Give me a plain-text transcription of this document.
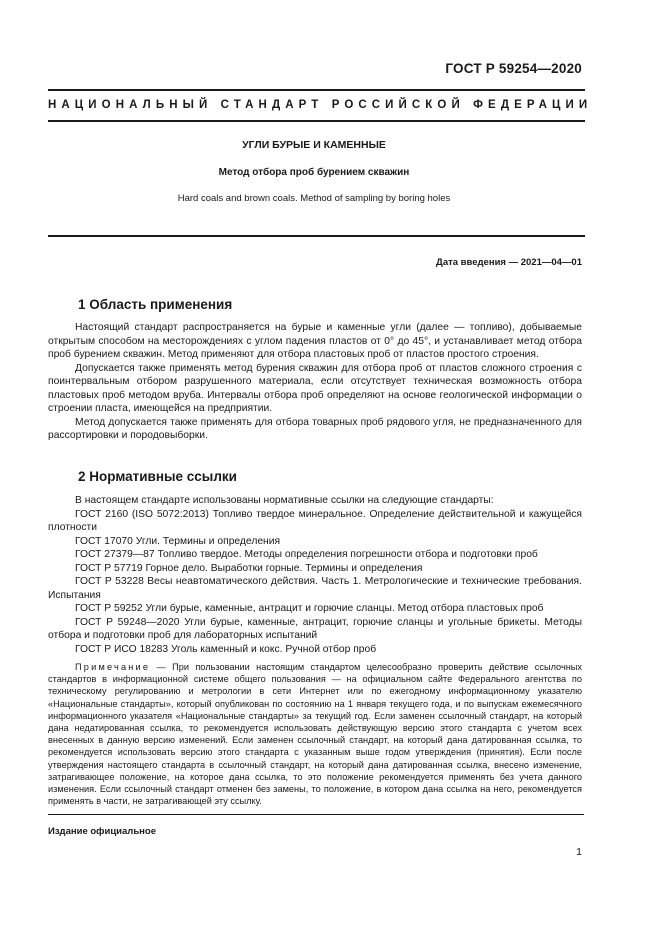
ГОСТ Р 59254—2020
НАЦИОНАЛЬНЫЙ СТАНДАРТ РОССИЙСКОЙ ФЕДЕРАЦИИ
УГЛИ БУРЫЕ И КАМЕННЫЕ
Метод отбора проб бурением скважин
Hard coals and brown coals. Method of sampling by boring holes
Дата введения — 2021—04—01
1 Область применения

Настоящий стандарт распространяется на бурые и каменные угли (далее — топливо), добываемые открытым способом на месторождениях с углом падения пластов от 0° до 45°, и устанавливает метод отбора проб бурением скважин. Метод применяют для отбора пластовых проб от пластов простого строения.

Допускается также применять метод бурения скважин для отбора проб от пластов сложного строения с поинтервальным отбором разрушенного материала, если отсутствует техническая возможность отбора пластовых проб методом вруба. Интервалы отбора проб определяют на основе геологической информации о строении пласта, имеющейся на предприятии.

Метод допускается также применять для отбора товарных проб рядового угля, не предназначенного для рассортировки и породовыборки.

2 Нормативные ссылки

В настоящем стандарте использованы нормативные ссылки на следующие стандарты:

ГОСТ 2160 (ISO 5072:2013) Топливо твердое минеральное. Определение действительной и кажущейся плотности

ГОСТ 17070 Угли. Термины и определения

ГОСТ 27379—87 Топливо твердое. Методы определения погрешности отбора и подготовки проб

ГОСТ Р 57719 Горное дело. Выработки горные. Термины и определения

ГОСТ Р 53228 Весы неавтоматического действия. Часть 1. Метрологические и технические требования. Испытания

ГОСТ Р 59252 Угли бурые, каменные, антрацит и горючие сланцы. Метод отбора пластовых проб

ГОСТ Р 59248—2020 Угли бурые, каменные, антрацит, горючие сланцы и угольные брикеты. Методы отбора и подготовки проб для лабораторных испытаний

ГОСТ Р ИСО 18283 Уголь каменный и кокс. Ручной отбор проб

Примечание — При пользовании настоящим стандартом целесообразно проверить действие ссылочных стандартов в информационной системе общего пользования — на официальном сайте Федерального агентства по техническому регулированию и метрологии в сети Интернет или по ежегодному информационному указателю «Национальные стандарты», который опубликован по состоянию на 1 января текущего года, и по выпускам ежемесячного информационного указателя «Национальные стандарты» за текущий год. Если заменен ссылочный стандарт, на который дана недатированная ссылка, то рекомендуется использовать действующую версию этого стандарта с учетом всех внесенных в данную версию изменений. Если заменен ссылочный стандарт, на который дана датированная ссылка, то рекомендуется использовать версию этого стандарта с указанным выше годом утверждения (принятия). Если после утверждения настоящего стандарта в ссылочный стандарт, на который дана датированная ссылка, внесено изменение, затрагивающее положение, на которое дана ссылка, то это положение рекомендуется применять без учета данного изменения. Если ссылочный стандарт отменен без замены, то положение, в котором дана ссылка на него, рекомендуется применять в части, не затрагивающей эту ссылку.

Издание официальное
1
